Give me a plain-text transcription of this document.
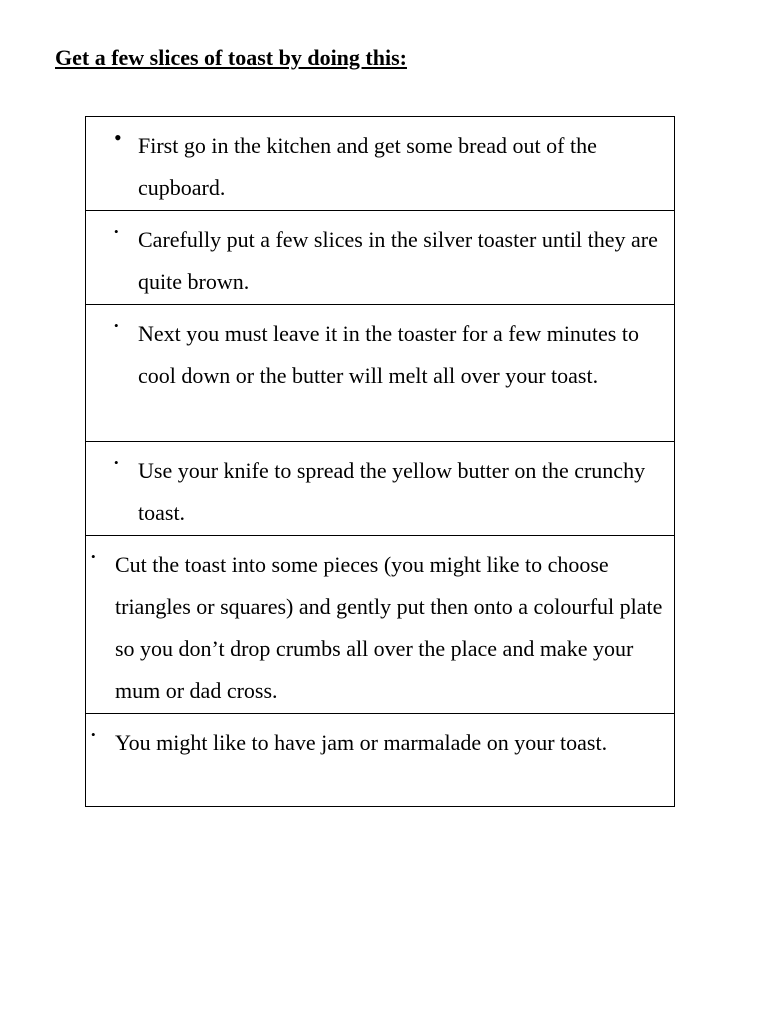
Get a few slices of toast by doing this:
• First go in the kitchen and get some bread out of the cupboard.

• Carefully put a few slices in the silver toaster until they are quite brown.

• Next you must leave it in the toaster for a few minutes to cool down or the butter will melt all over your toast.

• Use your knife to spread the yellow butter on the crunchy toast.

• Cut the toast into some pieces (you might like to choose triangles or squares) and gently put then onto a colourful plate so you don’t drop crumbs all over the place and make your mum or dad cross.

• You might like to have jam or marmalade on your toast.
